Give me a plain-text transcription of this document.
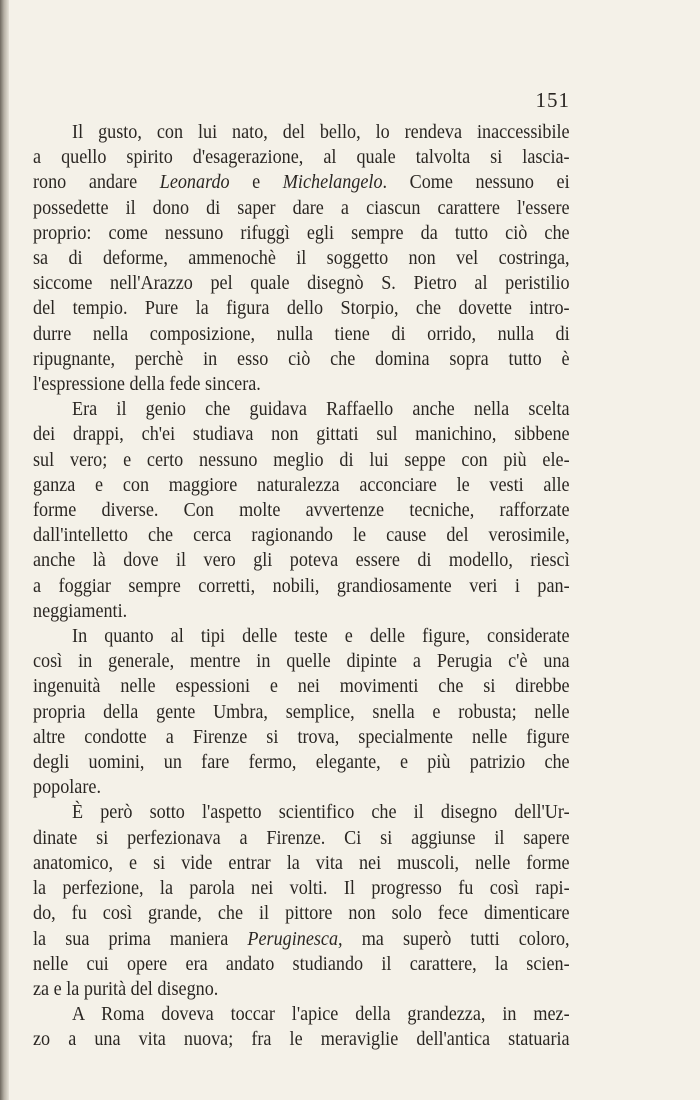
151
Il gusto, con lui nato, del bello, lo rendeva inaccessibile
a quello spirito d'esagerazione, al quale talvolta si lascia-
rono andare Leonardo e Michelangelo. Come nessuno ei
possedette il dono di saper dare a ciascun carattere l'essere
proprio: come nessuno rifuggì egli sempre da tutto ciò che
sa di deforme, ammenochè il soggetto non vel costringa,
siccome nell'Arazzo pel quale disegnò S. Pietro al peristilio
del tempio. Pure la figura dello Storpio, che dovette intro-
durre nella composizione, nulla tiene di orrido, nulla di
ripugnante, perchè in esso ciò che domina sopra tutto è
l'espressione della fede sincera.
Era il genio che guidava Raffaello anche nella scelta
dei drappi, ch'ei studiava non gittati sul manichino, sibbene
sul vero; e certo nessuno meglio di lui seppe con più ele-
ganza e con maggiore naturalezza acconciare le vesti alle
forme diverse. Con molte avvertenze tecniche, rafforzate
dall'intelletto che cerca ragionando le cause del verosimile,
anche là dove il vero gli poteva essere di modello, riescì
a foggiar sempre corretti, nobili, grandiosamente veri i pan-
neggiamenti.
In quanto al tipi delle teste e delle figure, considerate
così in generale, mentre in quelle dipinte a Perugia c'è una
ingenuità nelle espessioni e nei movimenti che si direbbe
propria della gente Umbra, semplice, snella e robusta; nelle
altre condotte a Firenze si trova, specialmente nelle figure
degli uomini, un fare fermo, elegante, e più patrizio che
popolare.
È però sotto l'aspetto scientifico che il disegno dell'Ur-
dinate si perfezionava a Firenze. Ci si aggiunse il sapere
anatomico, e si vide entrar la vita nei muscoli, nelle forme
la perfezione, la parola nei volti. Il progresso fu così rapi-
do, fu così grande, che il pittore non solo fece dimenticare
la sua prima maniera Peruginesca, ma superò tutti coloro,
nelle cui opere era andato studiando il carattere, la scien-
za e la purità del disegno.
A Roma doveva toccar l'apice della grandezza, in mez-
zo a una vita nuova; fra le meraviglie dell'antica statuaria
